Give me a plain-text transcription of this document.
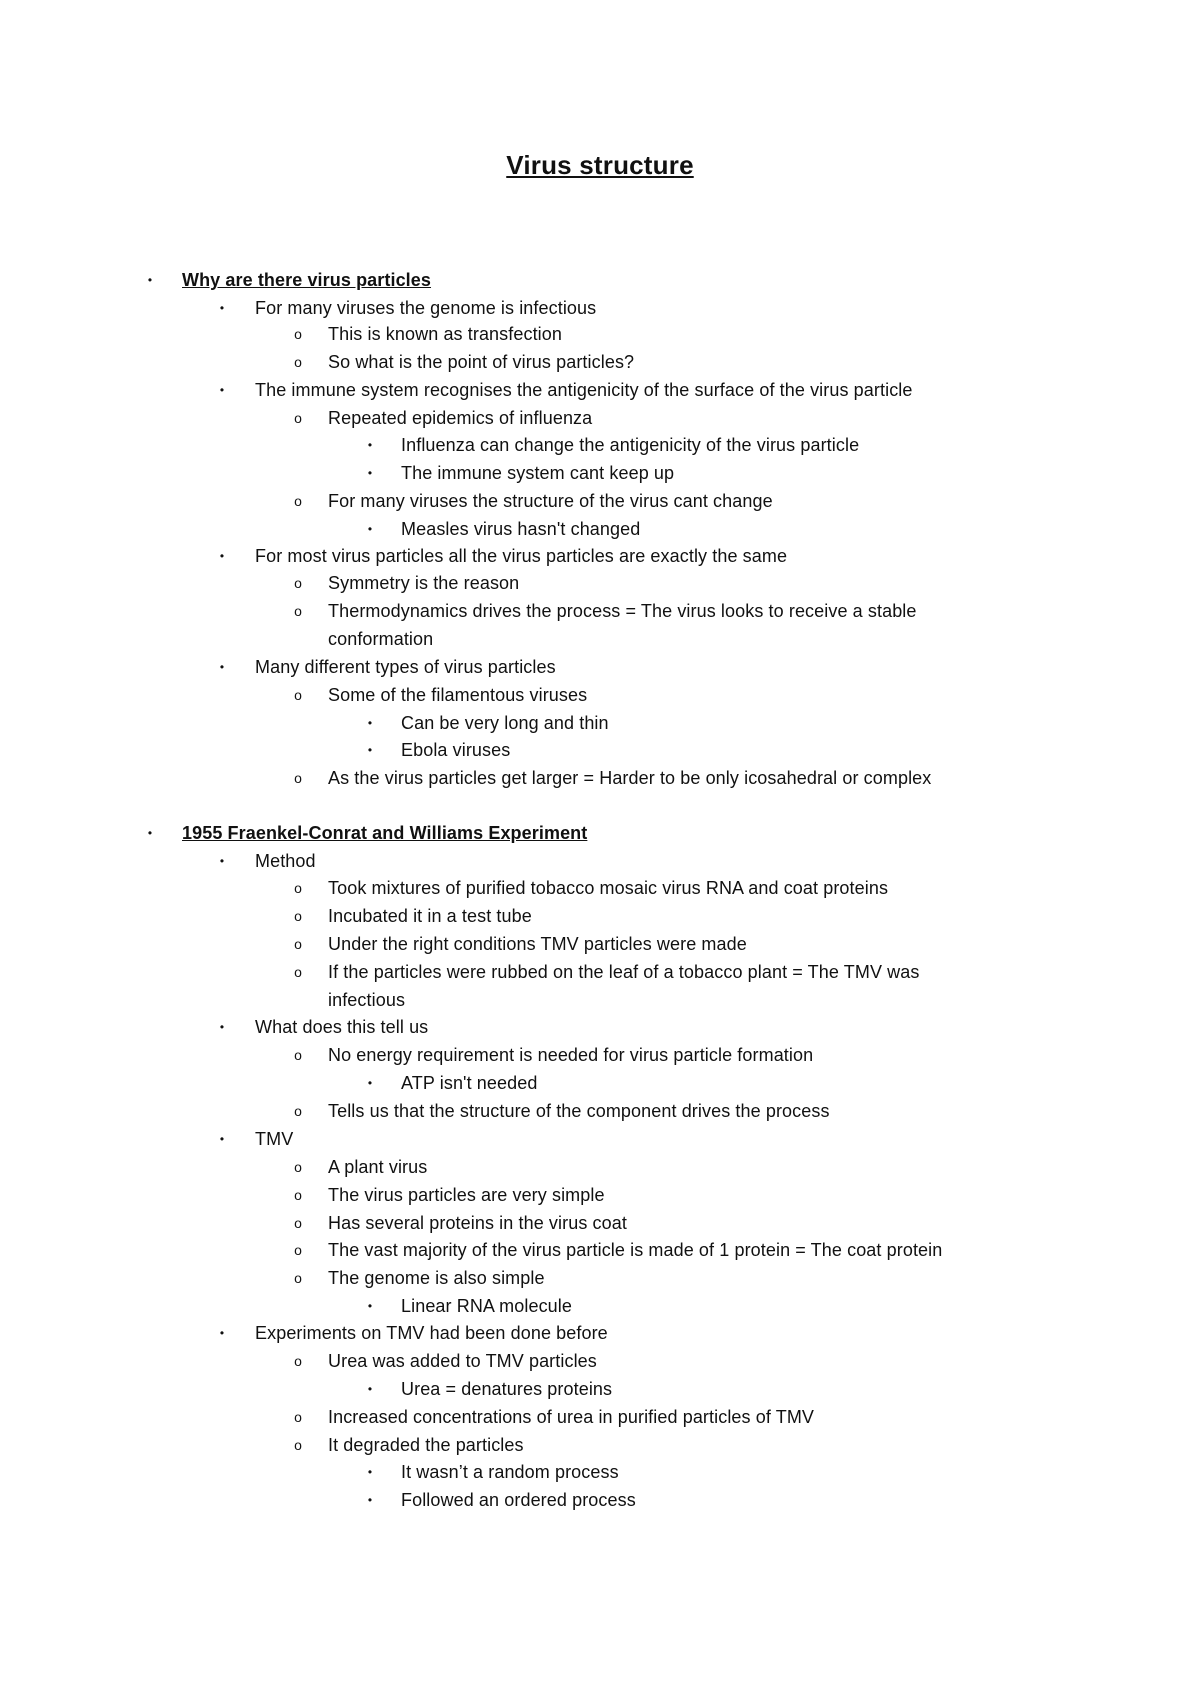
Virus structure
•	Why are there virus particles
•	For many viruses the genome is infectious
o	This is known as transfection
o	So what is the point of virus particles?
•	The immune system recognises the antigenicity of the surface of the virus particle
o	Repeated epidemics of influenza
•	Influenza can change the antigenicity of the virus particle
•	The immune system cant keep up
o	For many viruses the structure of the virus cant change
•	Measles virus hasn't changed
•	For most virus particles all the virus particles are exactly the same
o	Symmetry is the reason
o	Thermodynamics drives the process = The virus looks to receive a stable
conformation
•	Many different types of virus particles
o	Some of the filamentous viruses
•	Can be very long and thin
•	Ebola viruses
o	As the virus particles get larger = Harder to be only icosahedral or complex
•	1955 Fraenkel-Conrat and Williams Experiment
•	Method
o	Took mixtures of purified tobacco mosaic virus RNA and coat proteins
o	Incubated it in a test tube
o	Under the right conditions TMV particles were made
o	If the particles were rubbed on the leaf of a tobacco plant = The TMV was
infectious
•	What does this tell us
o	No energy requirement is needed for virus particle formation
•	ATP isn't needed
o	Tells us that the structure of the component drives the process
•	TMV
o	A plant virus
o	The virus particles are very simple
o	Has several proteins in the virus coat
o	The vast majority of the virus particle is made of 1 protein = The coat protein
o	The genome is also simple
•	Linear RNA molecule
•	Experiments on TMV had been done before
o	Urea was added to TMV particles
•	Urea = denatures proteins
o	Increased concentrations of urea in purified particles of TMV
o	It degraded the particles
•	It wasn’t a random process
•	Followed an ordered process
